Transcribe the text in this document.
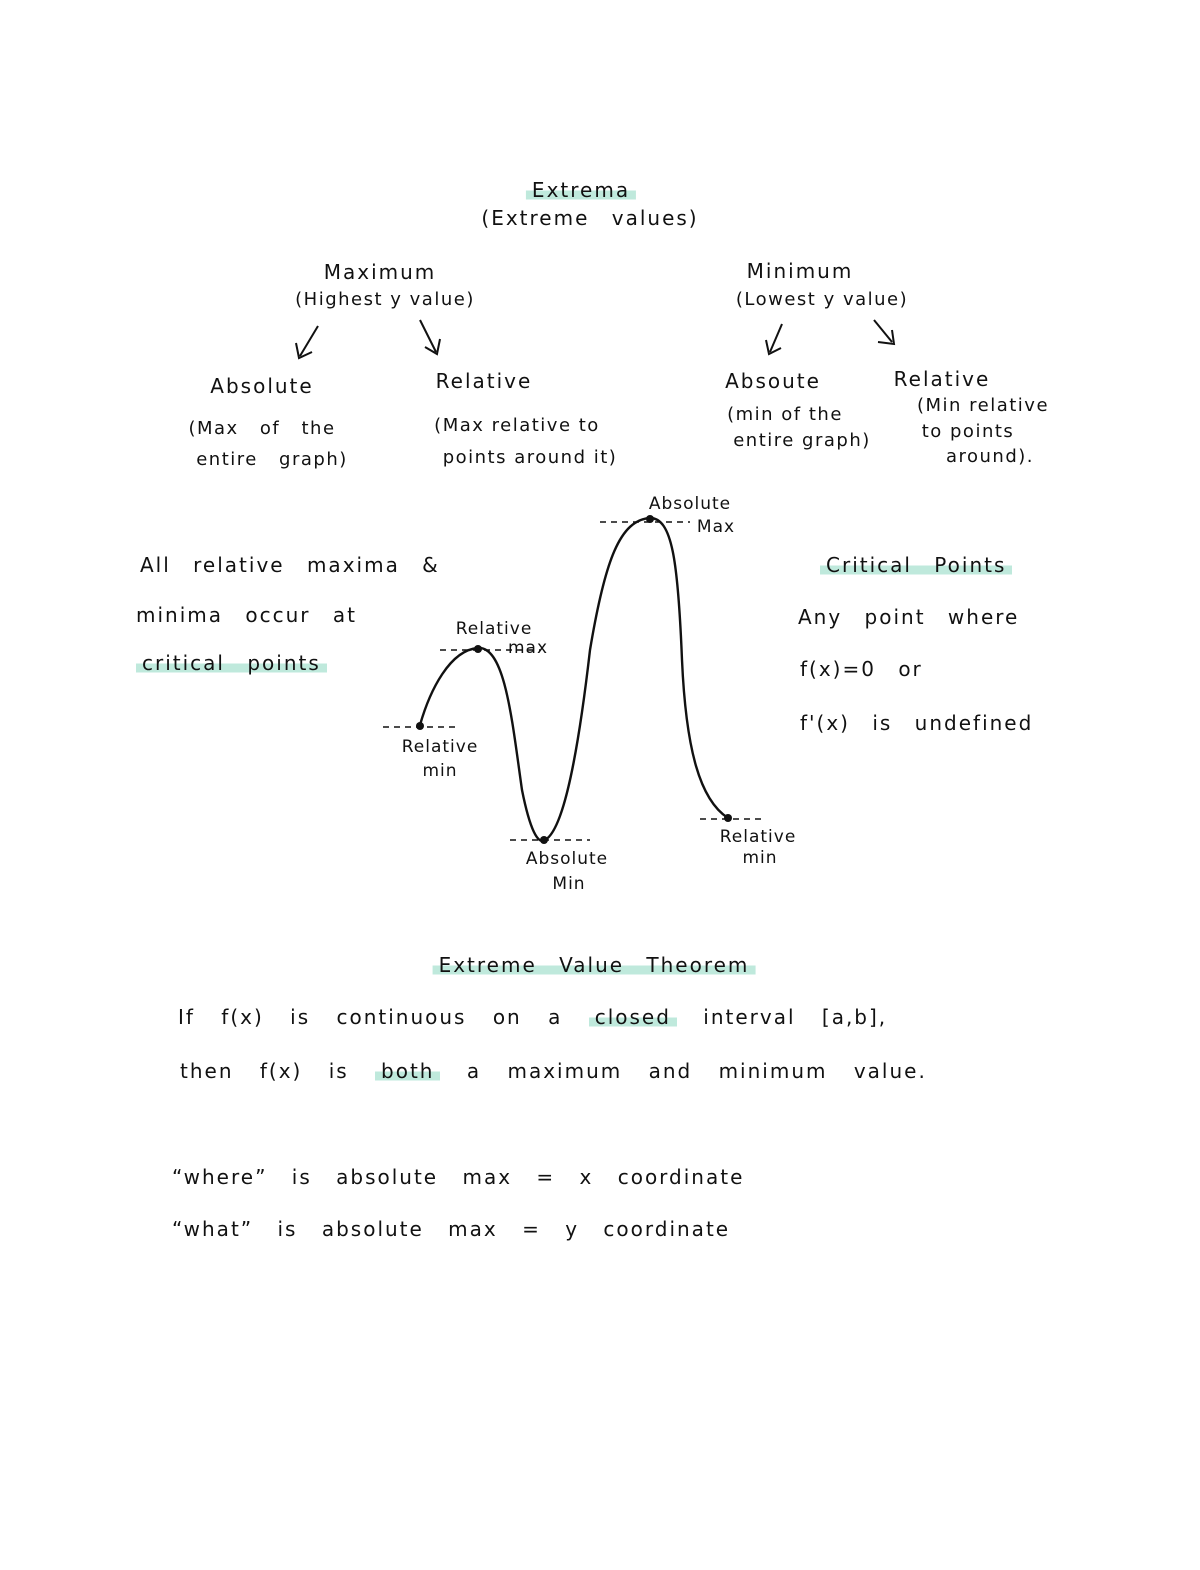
Extrema
(Extreme values)
Maximum
(Highest y value)
Absolute
(Max of the
entire graph)
Relative
(Max relative to
points around it)
Minimum
(Lowest y value)
Absoute
(min of the
entire graph)
Relative
(Min relative
to points
around).
All relative maxima &
minima occur at
critical points
Absolute
Max
Relative
max
Relative
min
Absolute
Min
Relative
min
Critical Points
Any point where
f(x)=0 or
f'(x) is undefined
Extreme Value Theorem
If f(x) is continuous on a closed interval [a,b],
then f(x) is both a maximum and minimum value.
“where” is absolute max = x coordinate
“what” is absolute max = y coordinate
